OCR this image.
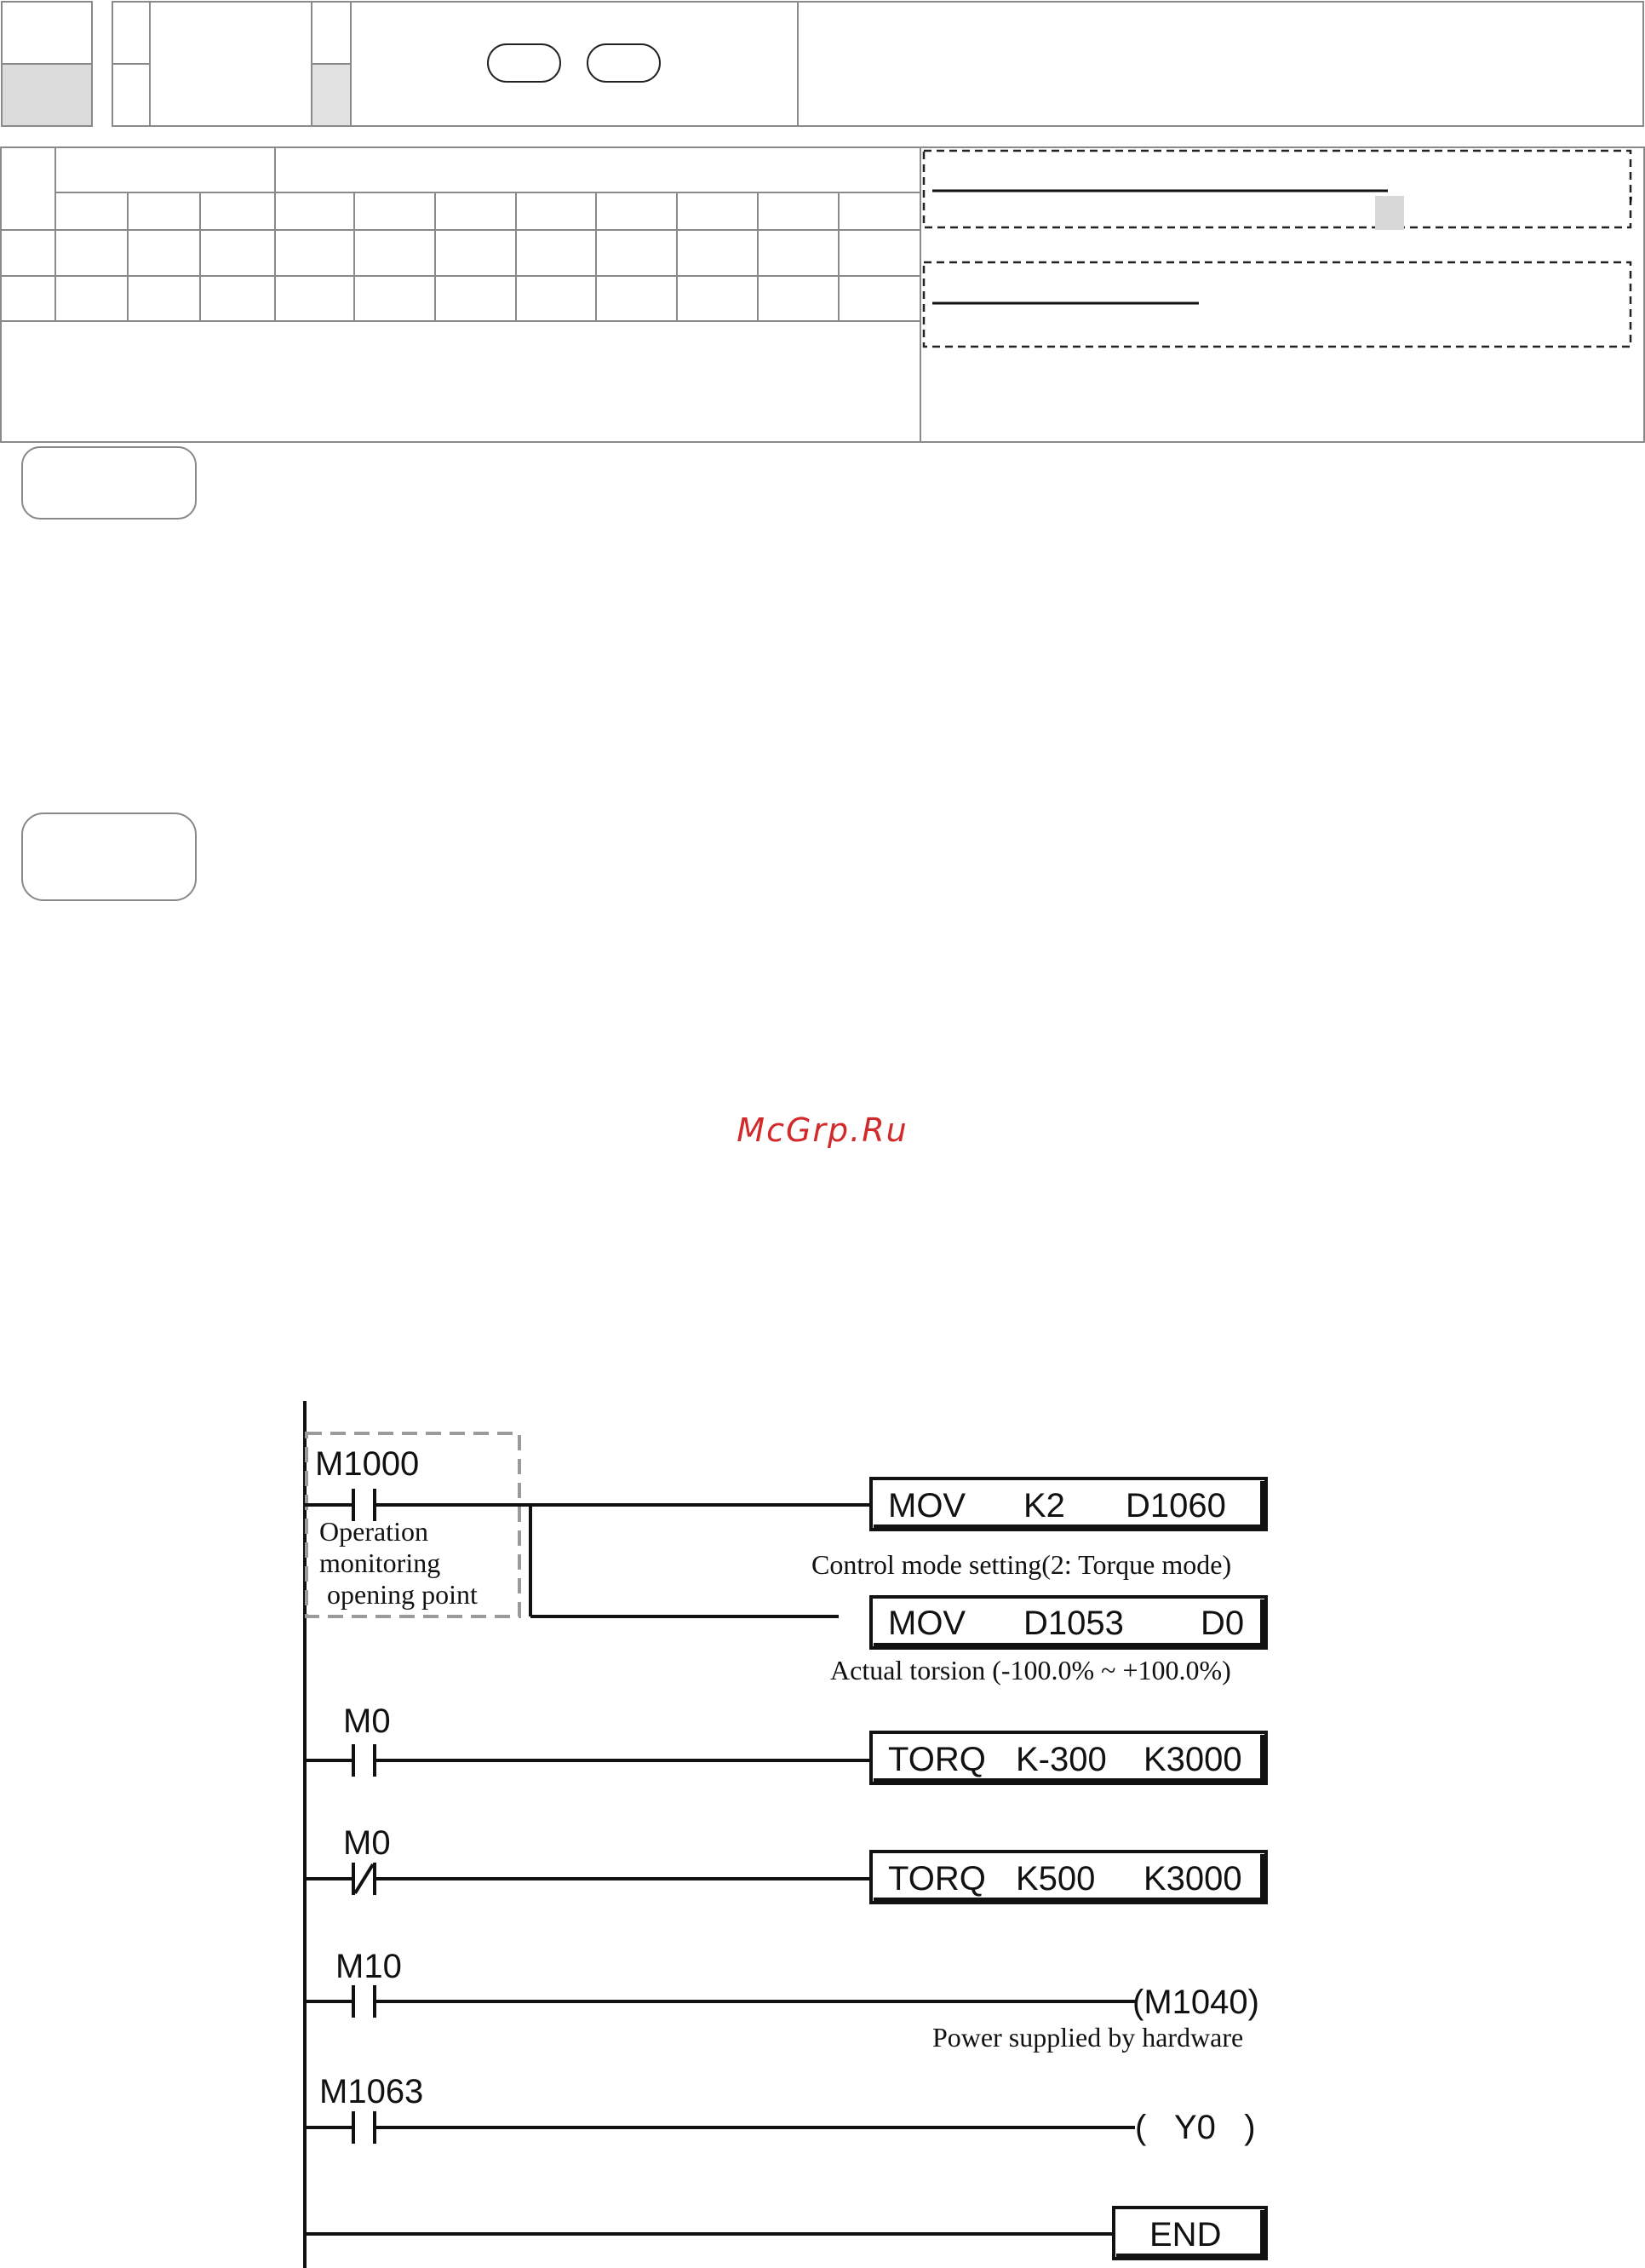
,
McGrp.Ru
M1000
Operation
monitoring
opening point
MOV K2 D1060
Control mode setting(2: Torque mode)
MOV D1053 D0
Actual torsion (-100.0% ~ +100.0%)
M0
TORQ K-300 K3000
M0
TORQ K500 K3000
M10
(M1040)
Power supplied by hardware
M1063
(   Y0   )
END
